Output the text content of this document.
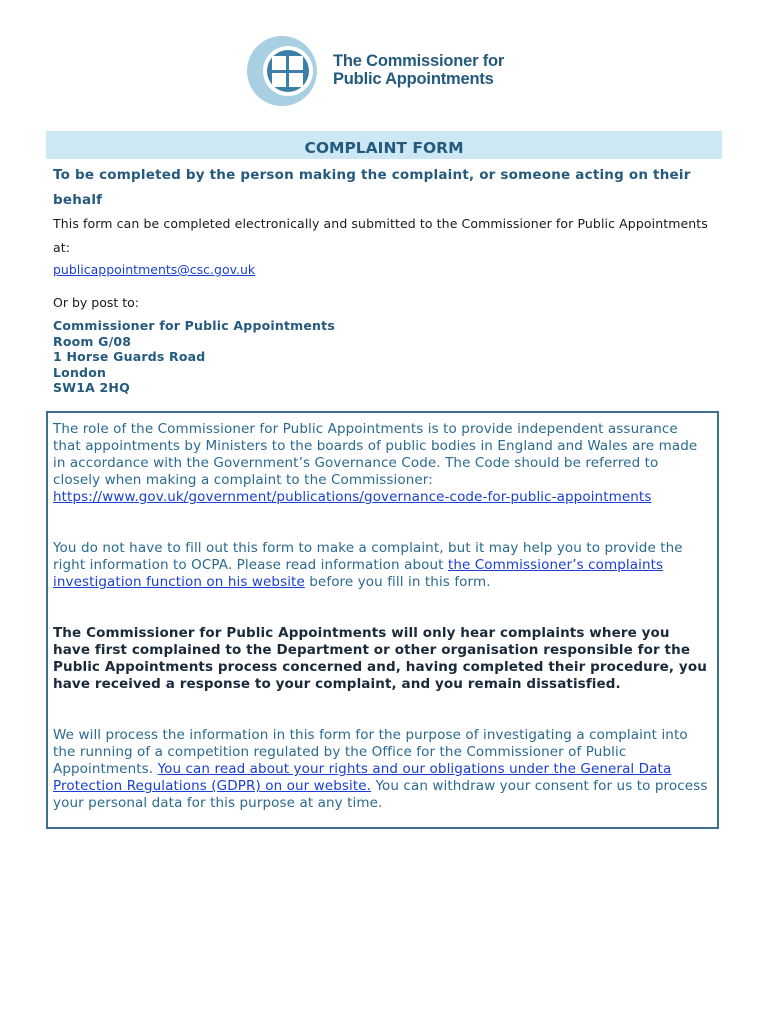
The Commissioner for
Public Appointments
COMPLAINT FORM
To be completed by the person making the complaint, or someone acting on their behalf
This form can be completed electronically and submitted to the Commissioner for Public Appointments at:
publicappointments@csc.gov.uk
Or by post to:
Commissioner for Public Appointments
Room G/08
1 Horse Guards Road
London
SW1A 2HQ
The role of the Commissioner for Public Appointments is to provide independent assurance that appointments by Ministers to the boards of public bodies in England and Wales are made in accordance with the Government’s Governance Code. The Code should be referred to closely when making a complaint to the Commissioner: https://www.gov.uk/government/publications/governance-code-for-public-appointments
You do not have to fill out this form to make a complaint, but it may help you to provide the right information to OCPA. Please read information about the Commissioner’s complaints investigation function on his website before you fill in this form.
The Commissioner for Public Appointments will only hear complaints where you have first complained to the Department or other organisation responsible for the Public Appointments process concerned and, having completed their procedure, you have received a response to your complaint, and you remain dissatisfied.
We will process the information in this form for the purpose of investigating a complaint into the running of a competition regulated by the Office for the Commissioner of Public Appointments. You can read about your rights and our obligations under the General Data Protection Regulations (GDPR) on our website. You can withdraw your consent for us to process your personal data for this purpose at any time.
